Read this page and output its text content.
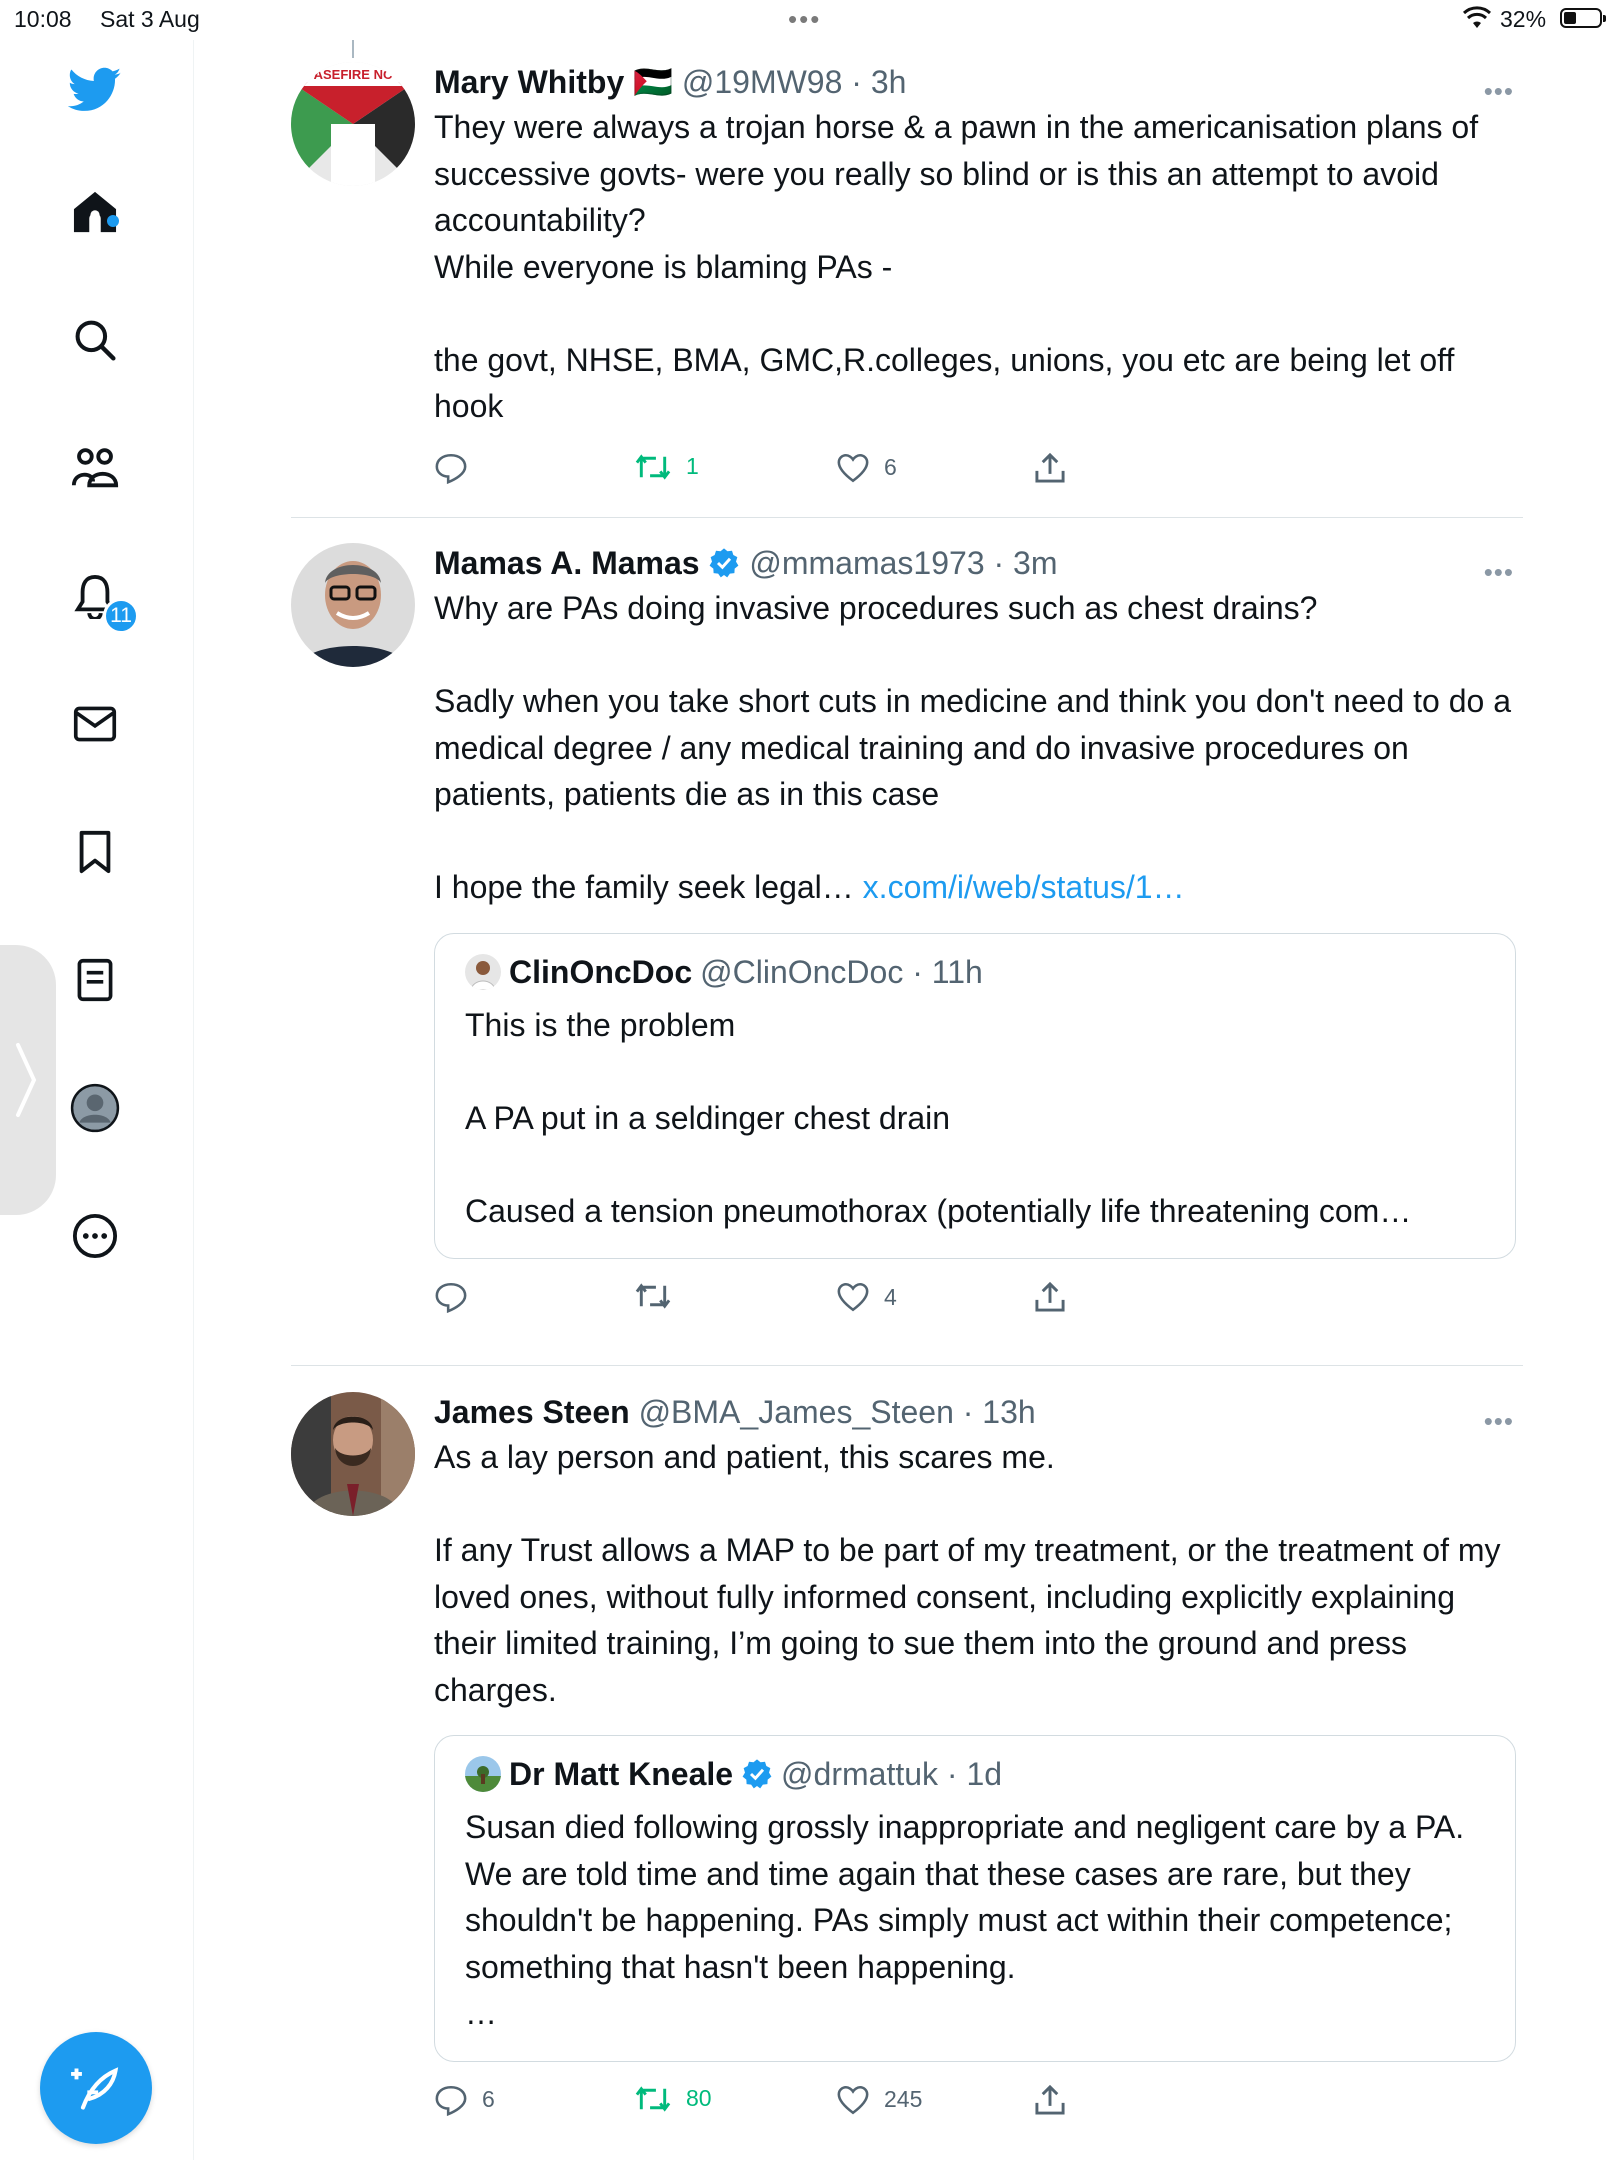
10:08 Sat 3 Aug	•••	32%
11
ASEFIRE NC Mary Whitby 🇵🇸 @19MW98 · 3h	•••
They were always a trojan horse & a pawn in the americanisation plans of successive govts- were you really so blind or is this an attempt to avoid accountability?
While everyone is blaming PAs -

the govt, NHSE, BMA, GMC,R.colleges, unions, you etc are being let off hook
1	6
Mamas A. Mamas @mmamas1973 · 3m	•••
Why are PAs doing invasive procedures such as chest drains?

Sadly when you take short cuts in medicine and think you don't need to do a medical degree / any medical training and do invasive procedures on patients, patients die as in this case

I hope the family seek legal… x.com/i/web/status/1…
ClinOncDoc @ClinOncDoc · 11h
This is the problem

A PA put in a seldinger chest drain

Caused a tension pneumothorax (potentially life threatening com…
4
James Steen @BMA_James_Steen · 13h	•••
As a lay person and patient, this scares me.

If any Trust allows a MAP to be part of my treatment, or the treatment of my loved ones, without fully informed consent, including explicitly explaining their limited training, I’m going to sue them into the ground and press charges.
Dr Matt Kneale @drmattuk · 1d
Susan died following grossly inappropriate and negligent care by a PA. We are told time and time again that these cases are rare, but they shouldn't be happening. PAs simply must act within their competence; something that hasn't been happening.
…
6	80	245
